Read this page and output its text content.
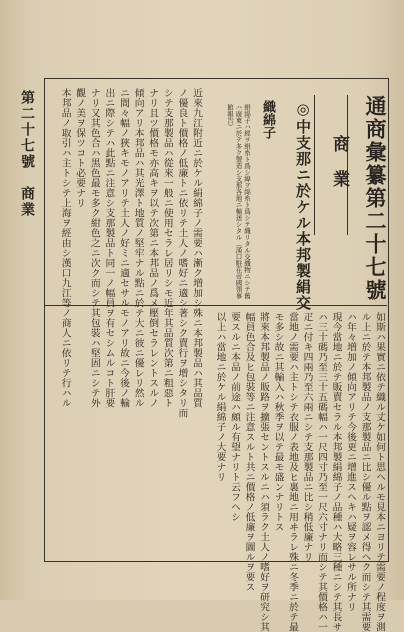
第二十七號　商業	通商彙纂第二十七號
商業
◎中支那ニ於ケル本邦製絹交
織綿子
絹綿子ハ經ヲ絹糸ト爲シ緯ヲ綿糸ト爲シテ織リタル交織物ニシテ舊ハ廣東ニ於テ多ク製造シ支那各地ニ輸送シタル（漢口駐在帝國領事館報告）
近來九江附近ニ於ケル絹綿子ノ需要ハ漸ク増加シ殊ニ本邦製品ハ其品質
ノ優良ト價格ノ低廉トニ依リテ土人ノ嗜好ニ適シ著シク賣行ヲ增シタリ而
シテ支那製品ハ從來一般ニ使用セラレ居リシモ近年其品質次第ニ粗惡ト
ナリ且ツ價格モ亦高キヲ以テ次第ニ本邦品ノ爲メ壓倒セラレントスルノ
傾向アリ本邦品ハ其光澤ト地質ノ堅牢ナル點ニ於テ大ニ彼ニ優レリ然ル
ニ間々幅ノ狹キモノアリテ土人ノ好ミニ適セサルモノアリ故ニ今後ノ輸
出ニ際シテハ此點ニ注意シ支那製品ト同一ノ幅員ヲ有セシムルコト肝要
ナリ又其色合ハ黒色最モ多ク紺色之ニ次ク而シテ其包裝ハ堅固ニシテ外
觀ノ美ヲ保ツコト必要ナリ
本邦品ノ取引ハ主トシテ上海ヲ經由シ漢口九江等ノ商人ニ依リテ行ハル
如斯ハ果實ニ依テ織ル丈ケ如何ト思ヘルモ見本ニヨリテ需要ノ程度ヲ測
ル上ニ於テ本邦製品ノ支那製品ニ比シ優ル點ヲ認メ得ヘク而シテ其需要
ハ年々増加ノ傾向アリテ今後更ニ增進スヘキハ疑ヲ容レサル所ナリ
現今當地ニ於テ販賣セラル本邦製絹綿子ノ品種ハ大略三種ニシテ其長サ
ハ三十碼乃至三十五碼幅ハ一尺四寸乃至一尺六寸ナリ而シテ其價格ハ一
疋ニ付キ四兩乃至六兩ニシテ支那製品ニ比シ稍低廉ナリ
當地ノ需要ハ主トシテ衣服ノ表地及ヒ裏地ニ用ヰラレ殊ニ冬季ニ於テ最
モ多シ故ニ其輸入ハ秋季ヲ以テ最モ盛ンナリトス
將來本邦製品ノ販路ヲ擴張セントスルニハ須ラク土人ノ嗜好ヲ研究シ其
幅員色合及ヒ包裝等ニ注意スルト共ニ價格ノ低廉ヲ圖ルヲ要ス
要スルニ本品ノ前途ハ頗ル有望ナリト云フヘシ
以上ハ當地ニ於ケル絹綿子ノ大要ナリ
